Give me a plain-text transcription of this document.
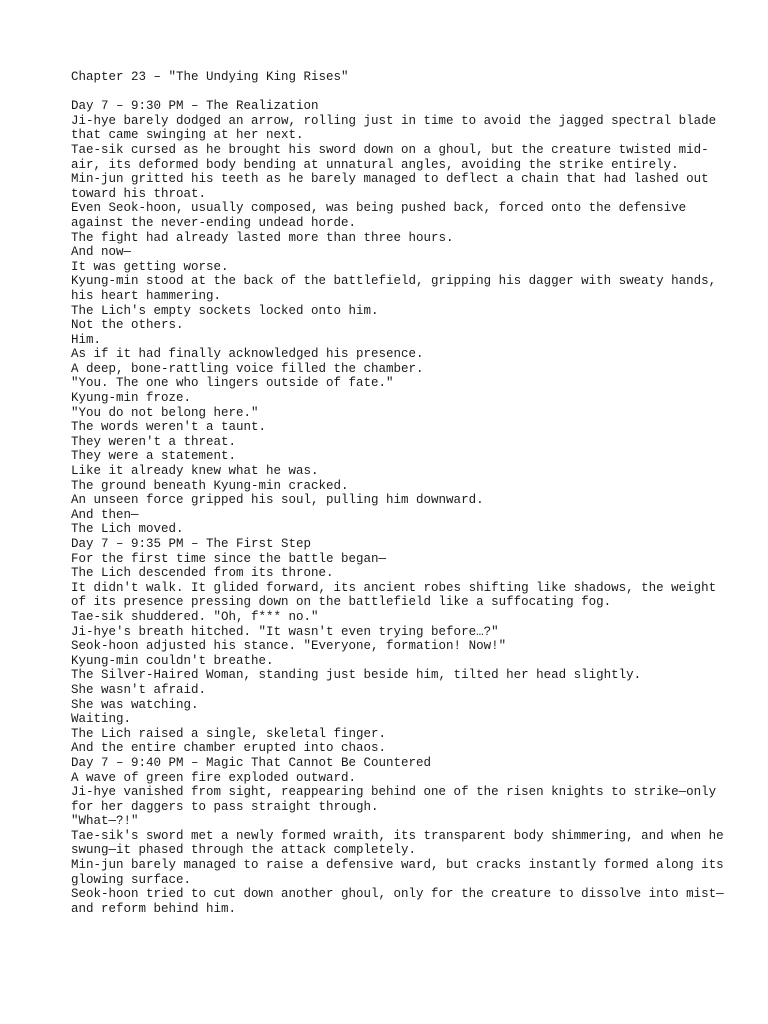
Chapter 23 – "The Undying King Rises"

Day 7 – 9:30 PM – The Realization

Ji-hye barely dodged an arrow, rolling just in time to avoid the jagged spectral blade that came swinging at her next.

Tae-sik cursed as he brought his sword down on a ghoul, but the creature twisted mid-air, its deformed body bending at unnatural angles, avoiding the strike entirely.

Min-jun gritted his teeth as he barely managed to deflect a chain that had lashed out toward his throat.

Even Seok-hoon, usually composed, was being pushed back, forced onto the defensive against the never-ending undead horde.

The fight had already lasted more than three hours.

And now—

It was getting worse.

Kyung-min stood at the back of the battlefield, gripping his dagger with sweaty hands, his heart hammering.

The Lich's empty sockets locked onto him.

Not the others.

Him.

As if it had finally acknowledged his presence.

A deep, bone-rattling voice filled the chamber.

"You. The one who lingers outside of fate."

Kyung-min froze.

"You do not belong here."

The words weren't a taunt.

They weren't a threat.

They were a statement.

Like it already knew what he was.

The ground beneath Kyung-min cracked.

An unseen force gripped his soul, pulling him downward.

And then—

The Lich moved.

Day 7 – 9:35 PM – The First Step

For the first time since the battle began—

The Lich descended from its throne.

It didn't walk. It glided forward, its ancient robes shifting like shadows, the weight of its presence pressing down on the battlefield like a suffocating fog.

Tae-sik shuddered. "Oh, f*** no."

Ji-hye's breath hitched. "It wasn't even trying before…?"

Seok-hoon adjusted his stance. "Everyone, formation! Now!"

Kyung-min couldn't breathe.

The Silver-Haired Woman, standing just beside him, tilted her head slightly.

She wasn't afraid.

She was watching.

Waiting.

The Lich raised a single, skeletal finger.

And the entire chamber erupted into chaos.

Day 7 – 9:40 PM – Magic That Cannot Be Countered

A wave of green fire exploded outward.

Ji-hye vanished from sight, reappearing behind one of the risen knights to strike—only for her daggers to pass straight through.

"What—?!"

Tae-sik's sword met a newly formed wraith, its transparent body shimmering, and when he swung—it phased through the attack completely.

Min-jun barely managed to raise a defensive ward, but cracks instantly formed along its glowing surface.

Seok-hoon tried to cut down another ghoul, only for the creature to dissolve into mist—and reform behind him.
